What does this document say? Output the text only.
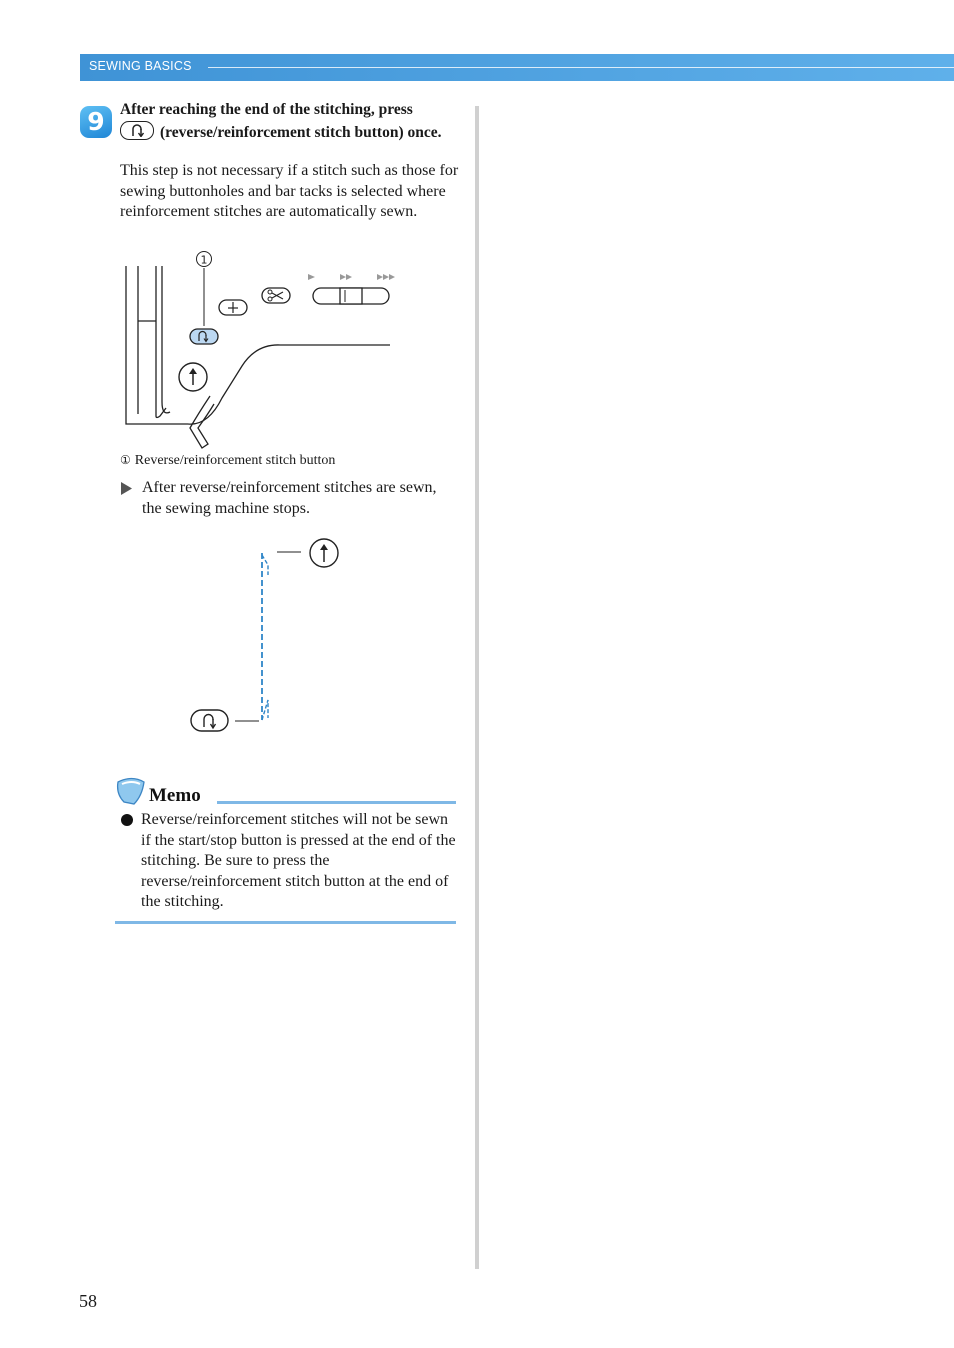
SEWING BASICS
9 After reaching the end of the stitching, press

(reverse/reinforcement stitch button) once.
This step is not necessary if a stitch such as those for sewing buttonholes and bar tacks is selected where reinforcement stitches are automatically sewn.
1
① Reverse/reinforcement stitch button
After reverse/reinforcement stitches are sewn, the sewing machine stops.
Memo
Reverse/reinforcement stitches will not be sewn if the start/stop button is pressed at the end of the stitching. Be sure to press the reverse/reinforcement stitch button at the end of the stitching.
58
